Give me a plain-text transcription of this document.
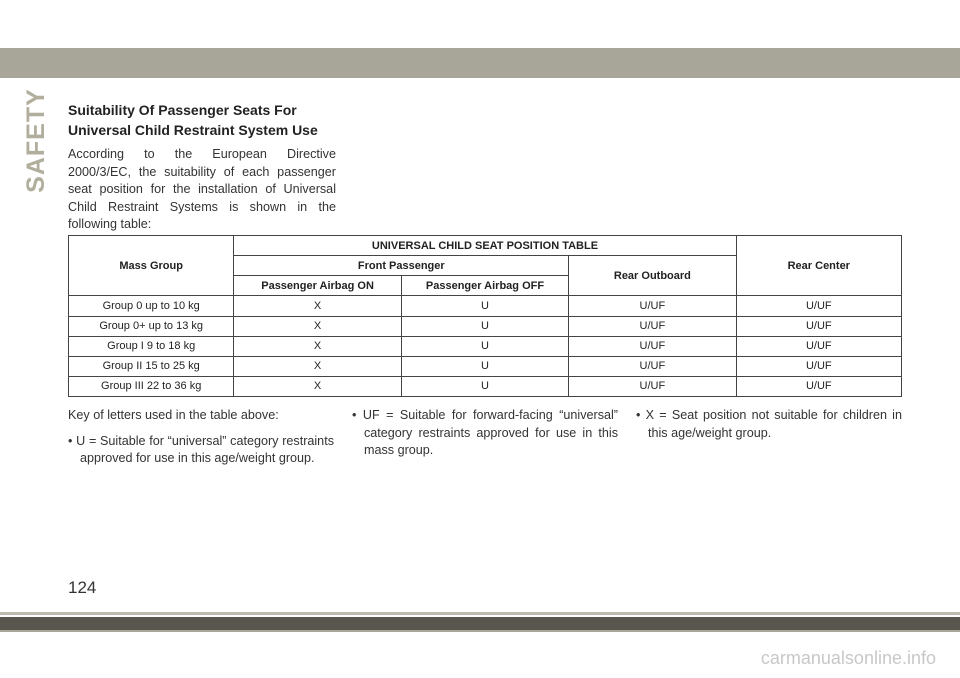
SAFETY Suitability Of Passenger Seats For Universal Child Restraint System Use
According to the European Directive 2000/3/EC, the suitability of each passenger seat position for the installation of Universal Child Restraint Systems is shown in the following table:
Mass Group	UNIVERSAL CHILD SEAT POSITION TABLE			Rear Center
	Front Passenger		Rear Outboard	
	Passenger Airbag ON	Passenger Airbag OFF		
Group 0 up to 10 kg	X	U	U/UF	U/UF
Group 0+ up to 13 kg	X	U	U/UF	U/UF
Group I 9 to 18 kg	X	U	U/UF	U/UF
Group II 15 to 25 kg	X	U	U/UF	U/UF
Group III 22 to 36 kg	X	U	U/UF	U/UF

Key of letters used in the table above:

• U = Suitable for “universal” category restraints approved for use in this age/weight group.

• UF = Suitable for forward-facing “universal” category restraints approved for use in this mass group.

• X = Seat position not suitable for children in this age/weight group.

124
carmanualsonline.info
